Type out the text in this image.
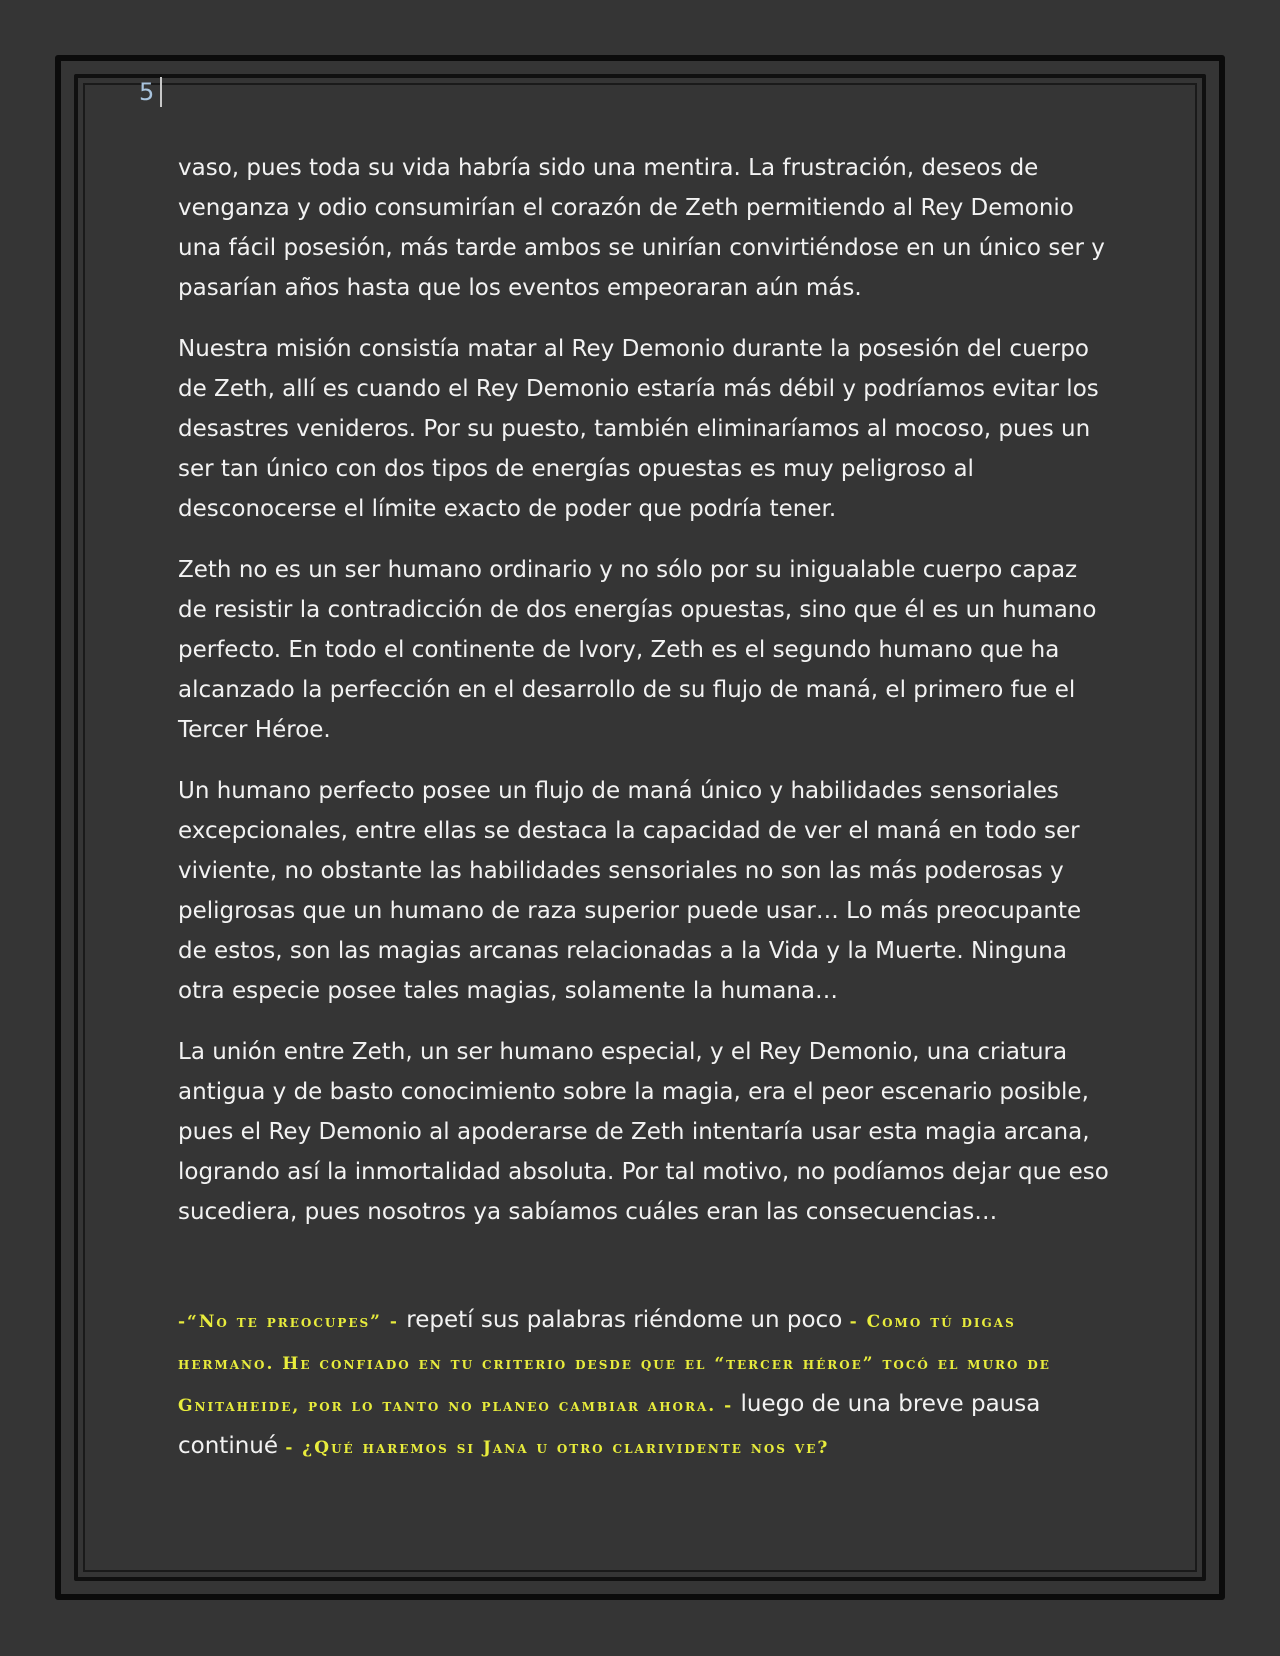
5

vaso, pues toda su vida habría sido una mentira. La frustración, deseos de venganza y odio consumirían el corazón de Zeth permitiendo al Rey Demonio una fácil posesión, más tarde ambos se unirían convirtiéndose en un único ser y pasarían años hasta que los eventos empeoraran aún más.

Nuestra misión consistía matar al Rey Demonio durante la posesión del cuerpo de Zeth, allí es cuando el Rey Demonio estaría más débil y podríamos evitar los desastres venideros. Por su puesto, también eliminaríamos al mocoso, pues un ser tan único con dos tipos de energías opuestas es muy peligroso al desconocerse el límite exacto de poder que podría tener.

Zeth no es un ser humano ordinario y no sólo por su inigualable cuerpo capaz de resistir la contradicción de dos energías opuestas, sino que él es un humano perfecto. En todo el continente de Ivory, Zeth es el segundo humano que ha alcanzado la perfección en el desarrollo de su flujo de maná, el primero fue el Tercer Héroe.

Un humano perfecto posee un flujo de maná único y habilidades sensoriales excepcionales, entre ellas se destaca la capacidad de ver el maná en todo ser viviente, no obstante las habilidades sensoriales no son las más poderosas y peligrosas que un humano de raza superior puede usar… Lo más preocupante de estos, son las magias arcanas relacionadas a la Vida y la Muerte. Ninguna otra especie posee tales magias, solamente la humana…

La unión entre Zeth, un ser humano especial, y el Rey Demonio, una criatura antigua y de basto conocimiento sobre la magia, era el peor escenario posible, pues el Rey Demonio al apoderarse de Zeth intentaría usar esta magia arcana, logrando así la inmortalidad absoluta. Por tal motivo, no podíamos dejar que eso sucediera, pues nosotros ya sabíamos cuáles eran las consecuencias…

-“No te preocupes” - repetí sus palabras riéndome un poco - Como tú digas hermano. He confiado en tu criterio desde que el “tercer héroe” tocó el muro de Gnitaheide, por lo tanto no planeo cambiar ahora. - luego de una breve pausa continué - ¿Qué haremos si Jana u otro clarividente nos ve?
